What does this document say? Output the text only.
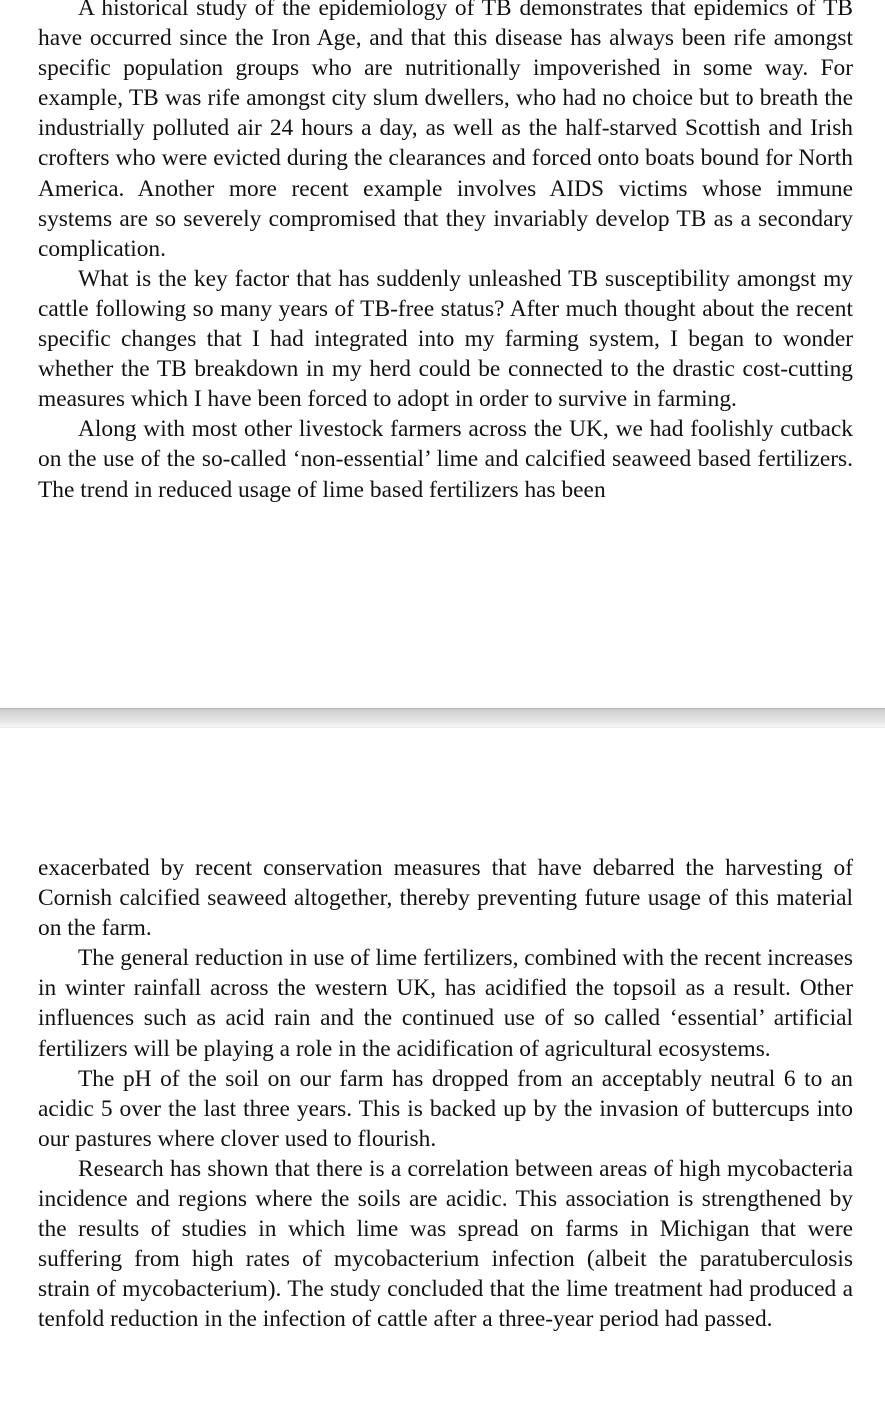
A historical study of the epidemiology of TB demonstrates that epidemics of TB have occurred since the Iron Age, and that this disease has always been rife amongst specific population groups who are nutritionally impoverished in some way. For example, TB was rife amongst city slum dwellers, who had no choice but to breath the industrially polluted air 24 hours a day, as well as the half-starved Scottish and Irish crofters who were evicted during the clearances and forced onto boats bound for North America. Another more recent example involves AIDS victims whose immune systems are so severely compromised that they invariably develop TB as a secondary complication.

What is the key factor that has suddenly unleashed TB susceptibility amongst my cattle following so many years of TB-free status? After much thought about the recent specific changes that I had integrated into my farming system, I began to wonder whether the TB breakdown in my herd could be connected to the drastic cost-cutting measures which I have been forced to adopt in order to survive in farming.

Along with most other livestock farmers across the UK, we had foolishly cutback on the use of the so-called ‘non-essential’ lime and calcified seaweed based fertilizers. The trend in reduced usage of lime based fertilizers has been

exacerbated by recent conservation measures that have debarred the harvesting of Cornish calcified seaweed altogether, thereby preventing future usage of this material on the farm.

The general reduction in use of lime fertilizers, combined with the recent increases in winter rainfall across the western UK, has acidified the topsoil as a result. Other influences such as acid rain and the continued use of so called ‘essential’ artificial fertilizers will be playing a role in the acidification of agricultural ecosystems.

The pH of the soil on our farm has dropped from an acceptably neutral 6 to an acidic 5 over the last three years. This is backed up by the invasion of buttercups into our pastures where clover used to flourish.

Research has shown that there is a correlation between areas of high mycobacteria incidence and regions where the soils are acidic. This association is strengthened by the results of studies in which lime was spread on farms in Michigan that were suffering from high rates of mycobacterium infection (albeit the paratuberculosis strain of mycobacterium). The study concluded that the lime treatment had produced a tenfold reduction in the infection of cattle after a three-year period had passed.
